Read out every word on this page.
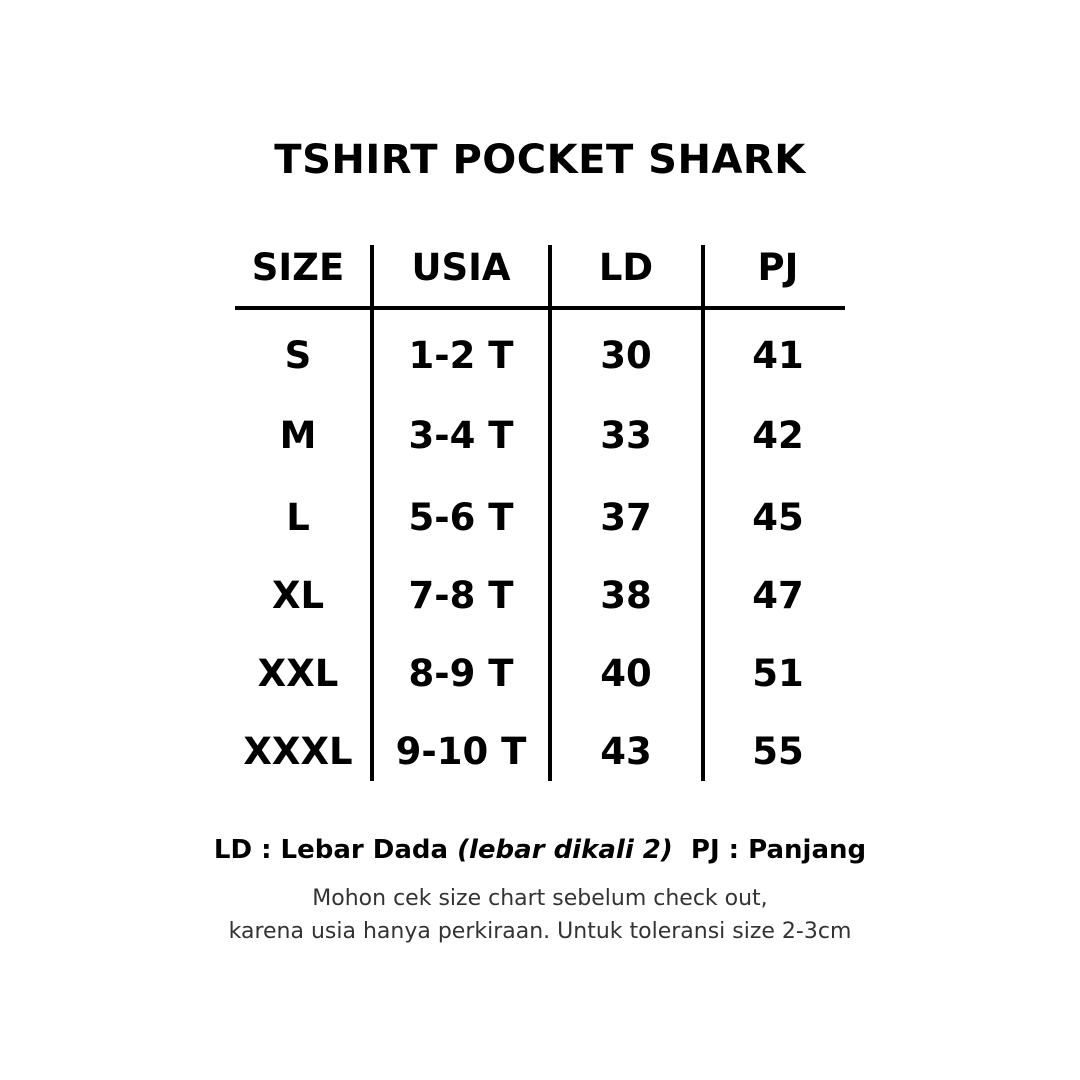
TSHIRT POCKET SHARK
SIZE	USIA	LD	PJ
S	1-2 T	30	41
M	3-4 T	33	42
L	5-6 T	37	45
XL	7-8 T	38	47
XXL	8-9 T	40	51
XXXL	9-10 T	43	55
LD : Lebar Dada (lebar dikali 2) PJ : Panjang
Mohon cek size chart sebelum check out,
karena usia hanya perkiraan. Untuk toleransi size 2-3cm
